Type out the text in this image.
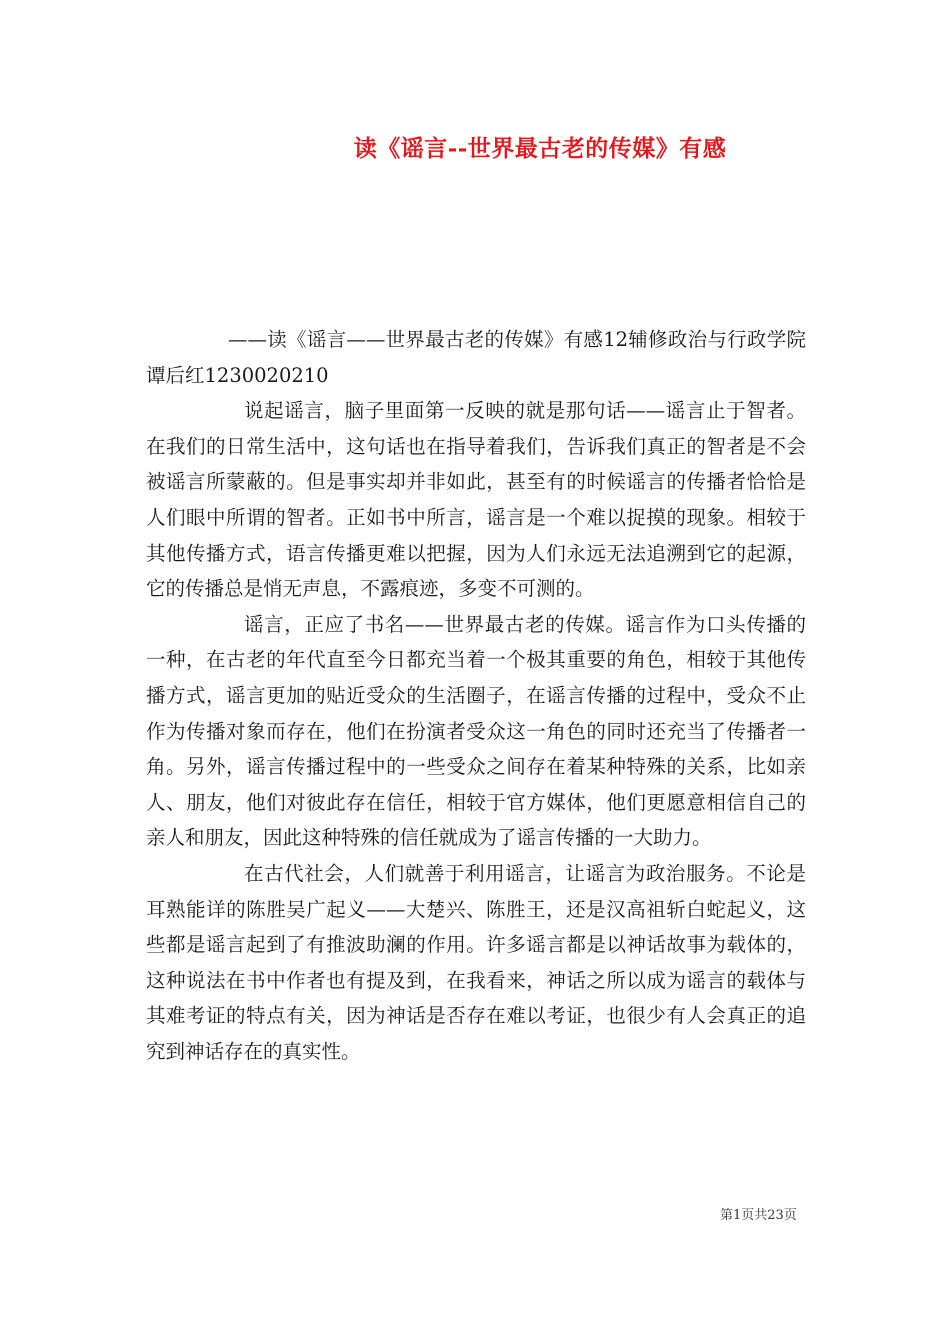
读《谣言--世界最古老的传媒》有感

——读《谣言——世界最古老的传媒》有感12辅修政治与行政学院谭后红1230020210

说起谣言，脑子里面第一反映的就是那句话——谣言止于智者。在我们的日常生活中，这句话也在指导着我们，告诉我们真正的智者是不会被谣言所蒙蔽的。但是事实却并非如此，甚至有的时候谣言的传播者恰恰是人们眼中所谓的智者。正如书中所言，谣言是一个难以捉摸的现象。相较于其他传播方式，语言传播更难以把握，因为人们永远无法追溯到它的起源，它的传播总是悄无声息，不露痕迹，多变不可测的。

谣言，正应了书名——世界最古老的传媒。谣言作为口头传播的一种，在古老的年代直至今日都充当着一个极其重要的角色，相较于其他传播方式，谣言更加的贴近受众的生活圈子，在谣言传播的过程中，受众不止作为传播对象而存在，他们在扮演者受众这一角色的同时还充当了传播者一角。另外，谣言传播过程中的一些受众之间存在着某种特殊的关系，比如亲人、朋友，他们对彼此存在信任，相较于官方媒体，他们更愿意相信自己的亲人和朋友，因此这种特殊的信任就成为了谣言传播的一大助力。

在古代社会，人们就善于利用谣言，让谣言为政治服务。不论是耳熟能详的陈胜吴广起义——大楚兴、陈胜王，还是汉高祖斩白蛇起义，这些都是谣言起到了有推波助澜的作用。许多谣言都是以神话故事为载体的，这种说法在书中作者也有提及到，在我看来，神话之所以成为谣言的载体与其难考证的特点有关，因为神话是否存在难以考证，也很少有人会真正的追究到神话存在的真实性。

第1页共23页
